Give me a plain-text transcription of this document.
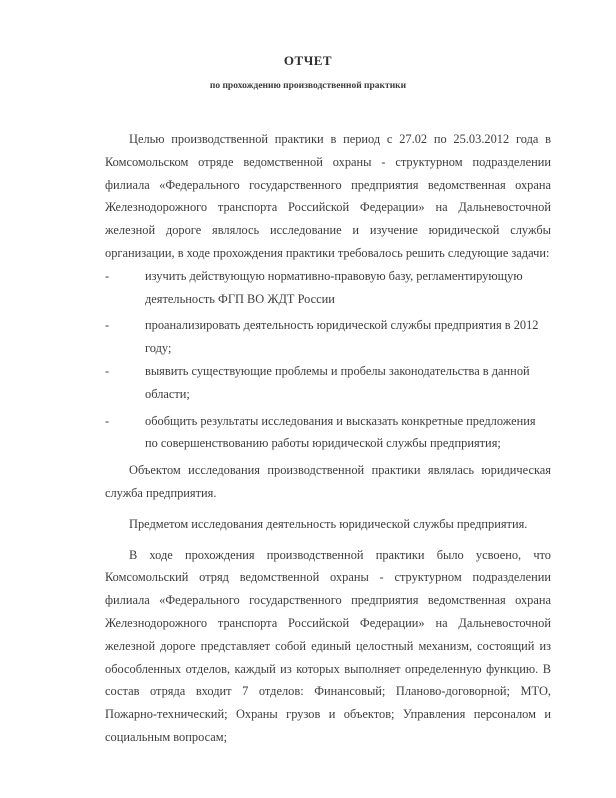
ОТЧЕТ
по прохождению производственной практики

Целью производственной практики в период с 27.02 по 25.03.2012 года в Комсомольском отряде ведомственной охраны - структурном подразделении филиала «Федерального государственного предприятия ведомственная охрана Железнодорожного транспорта Российской Федерации» на Дальневосточной железной дороге являлось исследование и изучение юридической службы организации, в ходе прохождения практики требовалось решить следующие задачи:

-	изучить действующую нормативно-правовую базу, регламентирующую деятельность ФГП ВО ЖДТ России
-	проанализировать деятельность юридической службы предприятия в 2012 году;
-	выявить существующие проблемы и пробелы законодательства в данной области;
-	обобщить результаты исследования и высказать конкретные предложения по совершенствованию работы юридической службы предприятия;

Объектом исследования производственной практики являлась юридическая служба предприятия.

Предметом исследования деятельность юридической службы предприятия.

В ходе прохождения производственной практики было усвоено, что Комсомольский отряд ведомственной охраны - структурном подразделении филиала «Федерального государственного предприятия ведомственная охрана Железнодорожного транспорта Российской Федерации» на Дальневосточной железной дороге представляет собой единый целостный механизм, состоящий из обособленных отделов, каждый из которых выполняет определенную функцию. В состав отряда входит 7 отделов: Финансовый; Планово-договорной; МТО, Пожарно-технический; Охраны грузов и объектов; Управления персоналом и социальным вопросам;
